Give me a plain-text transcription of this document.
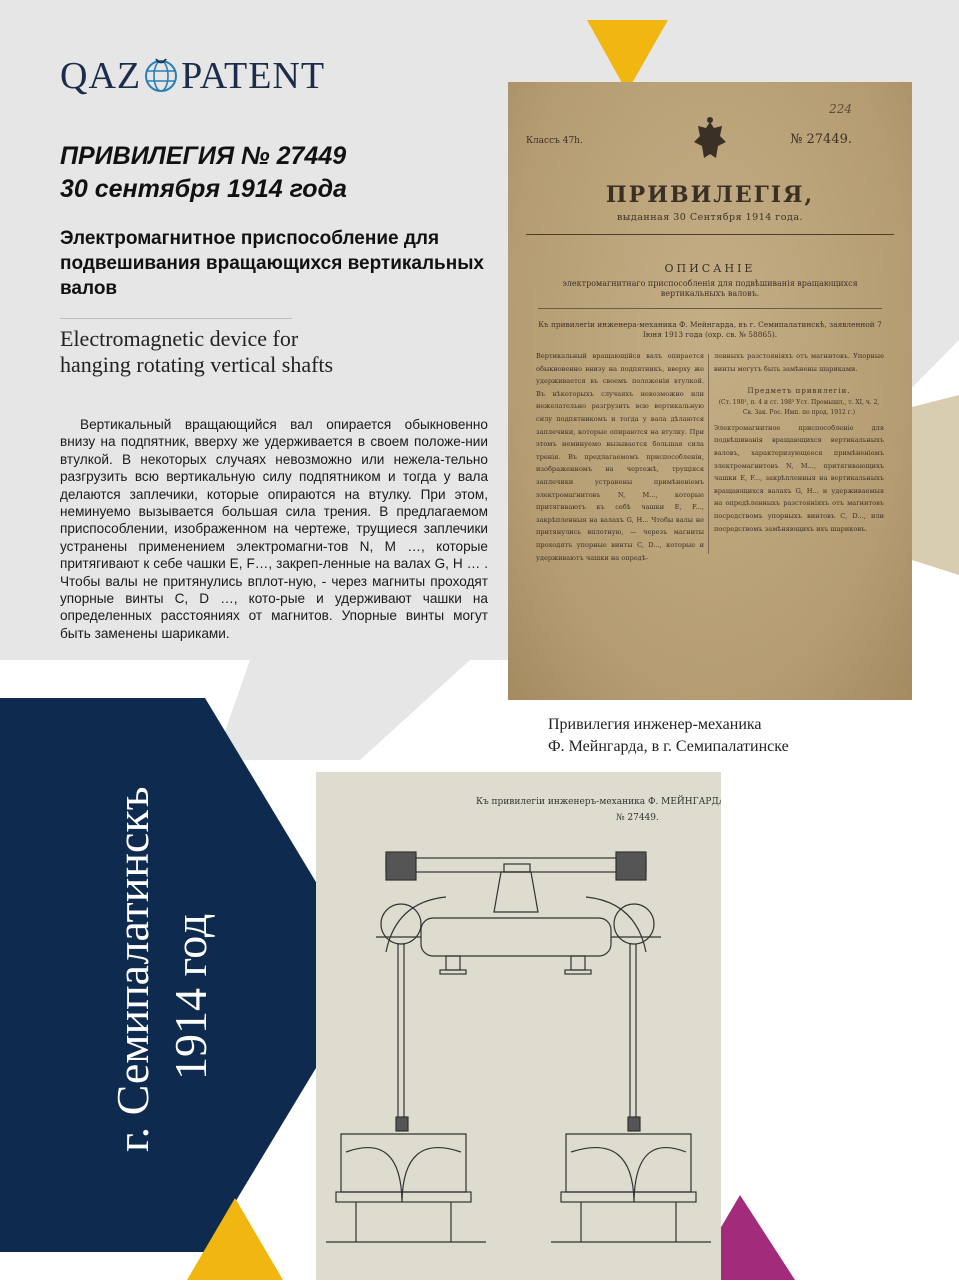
QAZ PATENT
ПРИВИЛЕГИЯ № 27449
30 сентября 1914 года
Электромагнитное приспособление для подвешивания вращающихся вертикальных валов
Electromagnetic device for
hanging rotating vertical shafts
Вертикальный вращающийся вал опирается обыкновенно внизу на подпятник, вверху же удерживается в своем положе-нии втулкой. В некоторых случаях невозможно или нежела-тельно разгрузить всю вертикальную силу подпятником и тогда у вала делаются заплечики, которые опираются на втулку. При этом, неминуемо вызывается большая сила трения. В предлагаемом приспособлении, изображенном на чертеже, трущиеся заплечики устранены применением электромагни-тов N, M …, которые притягивают к себе чашки E, F…, закреп-ленные на валах G, H … . Чтобы валы не притянулись вплот-ную, - через магниты проходят упорные винты C, D …, кото-рые и удерживают чашки на определенных расстояниях от магнитов. Упорные винты могут быть заменены шариками.
224
Классъ 47h.	№ 27449.
ПРИВИЛЕГІЯ,
выданная 30 Сентября 1914 года.
ОПИСАНІЕ
электромагнитнаго приспособленія для подвѣшиванія вращающихся вертикальныхъ валовъ.
Къ привилегіи инженера-механика Ф. Мейнгарда, въ г. Семипалатинскѣ, заявленной 7 Іюня 1913 года (охр. св. № 58865).
Вертикальный вращающійся валъ опирается обыкновенно внизу на подпятникъ, вверху же удерживается въ своемъ положеніи втулкой. Въ нѣкоторыхъ случаяхъ невозможно или нежелательно разгрузить всю вертикальную силу подпятникомъ и тогда у вала дѣлаются заплечики, которые опираются на втулку. При этомъ неминуемо вызывается большая сила тренія. Въ предлагаемомъ приспособленіи, изображенномъ на чертежѣ, трущіяся заплечики устранены примѣненіемъ электромагнитовъ N, M..., которые притягиваютъ къ себѣ чашки E, F..., закрѣпленныя на валахъ G, H... Чтобы валы не притянулись вплотную, — черезъ магниты проходятъ упорные винты C, D..., которые и удерживаютъ чашки на опредѣ-
ленныхъ разстояніяхъ отъ магнитовъ. Упорные винты могутъ быть замѣнены шариками.
Предметъ привилегіи.
(Ст. 198¹, п. 4 и ст. 198³ Уст. Промышл., т. XI, ч. 2, Св. Зак. Рос. Имп. по прод. 1912 г.)
Электромагнитное приспособленіе для подвѣшиванія вращающихся вертикальныхъ валовъ, характеризующееся примѣненіемъ электромагнитовъ N, M..., притягивающихъ чашки E, F..., закрѣпленныя на вертикальныхъ вращающихся валахъ G, H... и удерживаемыя на опредѣленныхъ разстояніяхъ отъ магнитовъ посредствомъ упорныхъ винтовъ C, D..., или посредствомъ замѣняющихъ ихъ шариковъ.
Привилегия инженер-механика
Ф. Мейнгарда, в г. Семипалатинске
Къ привилегіи инженеръ-механика Ф. МЕЙНГАРДА.
№ 27449.
г. Семипалатинскъ 1914 год
